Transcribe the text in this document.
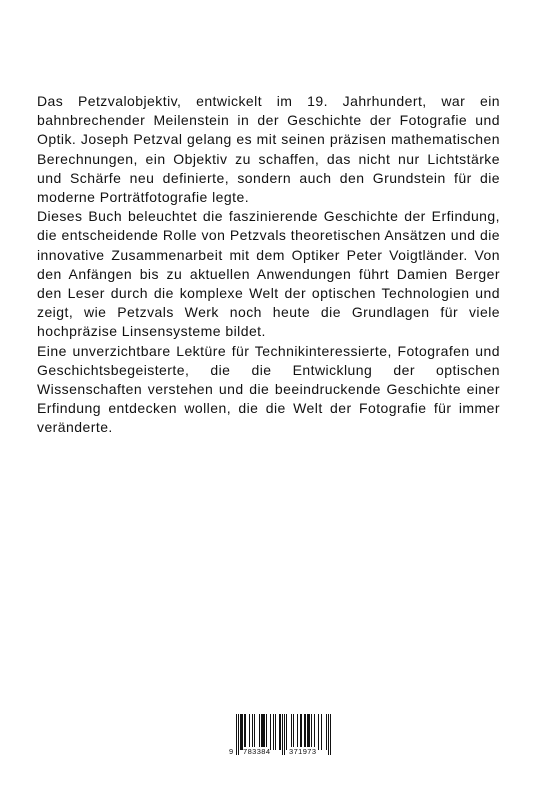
Das Petzvalobjektiv, entwickelt im 19. Jahrhundert, war ein bahnbrechender Meilenstein in der Geschichte der Fotografie und Optik. Joseph Petzval gelang es mit seinen präzisen mathematischen Berechnungen, ein Objektiv zu schaffen, das nicht nur Lichtstärke und Schärfe neu definierte, sondern auch den Grundstein für die moderne Porträtfotografie legte.

Dieses Buch beleuchtet die faszinierende Geschichte der Erfindung, die entscheidende Rolle von Petzvals theoretischen Ansätzen und die innovative Zusammenarbeit mit dem Optiker Peter Voigtländer. Von den Anfängen bis zu aktuellen Anwendungen führt Damien Berger den Leser durch die komplexe Welt der optischen Technologien und zeigt, wie Petzvals Werk noch heute die Grundlagen für viele hochpräzise Linsensysteme bildet.

Eine unverzichtbare Lektüre für Technikinteressierte, Fotografen und Geschichtsbegeisterte, die die Entwicklung der optischen Wissenschaften verstehen und die beeindruckende Geschichte einer Erfindung entdecken wollen, die die Welt der Fotografie für immer veränderte.

9 783384 371973
